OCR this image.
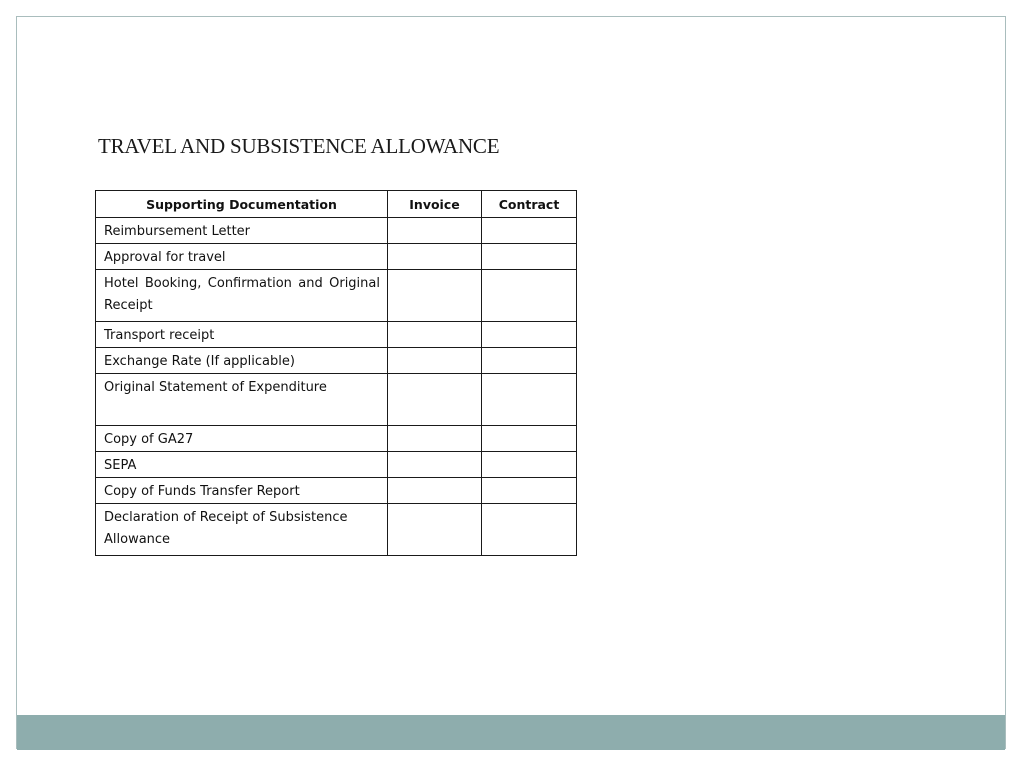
TRAVEL AND SUBSISTENCE ALLOWANCE
Supporting Documentation	Invoice	Contract

Reimbursement Letter		

Approval for travel		

Hotel Booking, Confirmation and Original Receipt		

Transport receipt		

Exchange Rate (If applicable)		

Original Statement of Expenditure		

Copy of GA27		

SEPA		

Copy of Funds Transfer Report		

Declaration of Receipt of Subsistence Allowance		
